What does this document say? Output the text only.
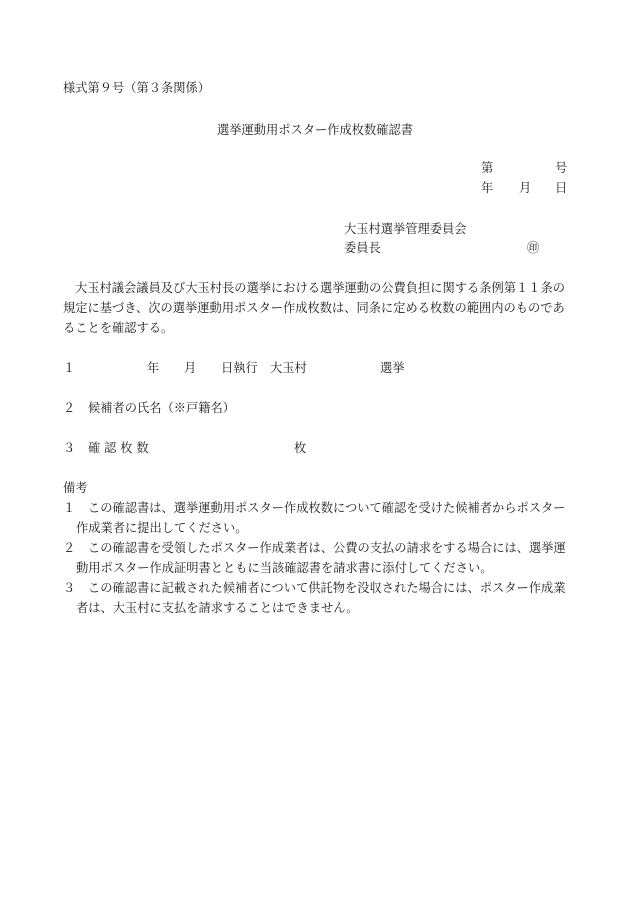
様式第９号（第３条関係）
選挙運動用ポスター作成枚数確認書
第	号
年 月 日
大玉村選挙管理委員会
委員長	㊞
大玉村議会議員及び大玉村長の選挙における選挙運動の公費負担に関する条例第１１条の
規定に基づき、次の選挙運動用ポスター作成枚数は、同条に定める枚数の範囲内のものであ
ることを確認する。
１	年 月 日執行 大玉村	選挙
２ 候補者の氏名（※戸籍名）
３ 確 認 枚 数	枚
備考
１ この確認書は、選挙運動用ポスター作成枚数について確認を受けた候補者からポスター
作成業者に提出してください。
２ この確認書を受領したポスター作成業者は、公費の支払の請求をする場合には、選挙運
動用ポスター作成証明書とともに当該確認書を請求書に添付してください。
３ この確認書に記載された候補者について供託物を没収された場合には、ポスター作成業
者は、大玉村に支払を請求することはできません。
